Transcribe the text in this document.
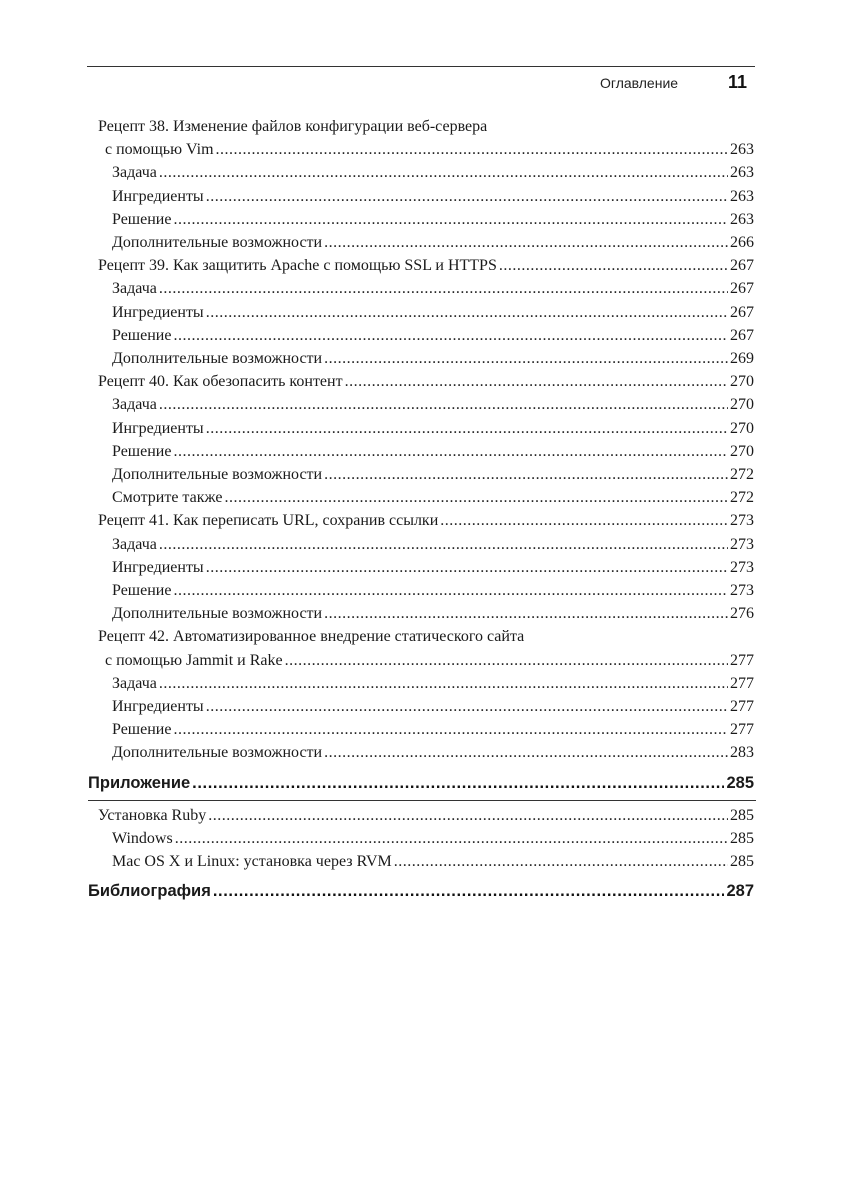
Оглавление	11
Рецепт 38. Изменение файлов конфигурации веб-сервера
с помощью Vim .....	263
Задача .....	263
Ингредиенты .....	263
Решение .....	263
Дополнительные возможности .....	266
Рецепт 39. Как защитить Apache с помощью SSL и HTTPS .....	267
Задача .....	267
Ингредиенты .....	267
Решение .....	267
Дополнительные возможности .....	269
Рецепт 40. Как обезопасить контент .....	270
Задача .....	270
Ингредиенты .....	270
Решение .....	270
Дополнительные возможности .....	272
Смотрите также .....	272
Рецепт 41. Как переписать URL, сохранив ссылки .....	273
Задача .....	273
Ингредиенты .....	273
Решение .....	273
Дополнительные возможности .....	276
Рецепт 42. Автоматизированное внедрение статического сайта
с помощью Jammit и Rake .....	277
Задача .....	277
Ингредиенты .....	277
Решение .....	277
Дополнительные возможности .....	283
Приложение .....	285
Установка Ruby .....	285
Windows .....	285
Mac OS X и Linux: установка через RVM .....	285
Библиография .....	287
